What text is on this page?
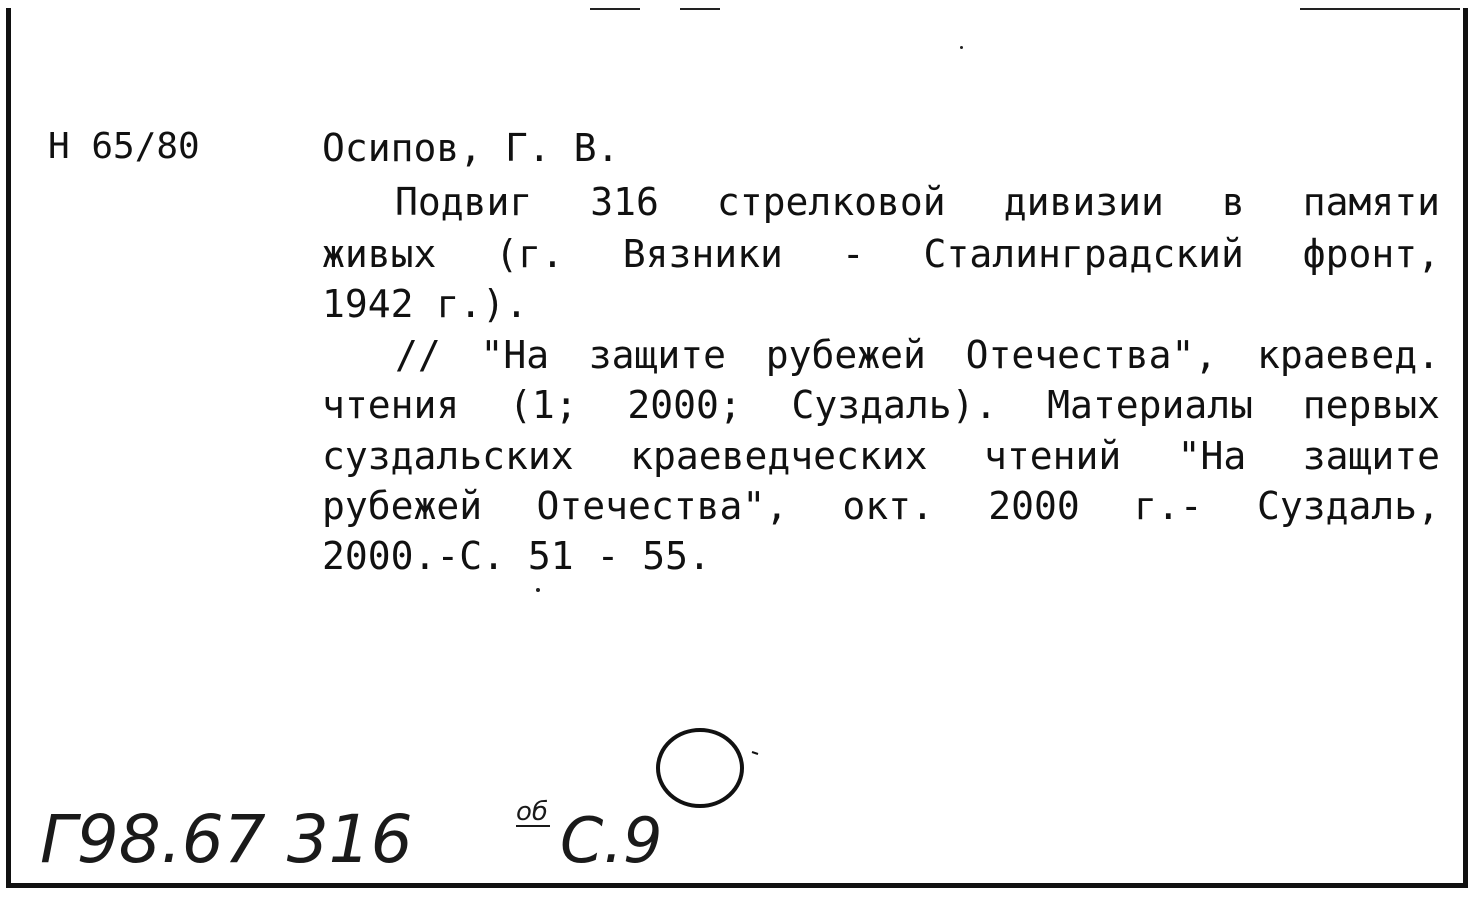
Н 65/80	Осипов, Г. В.
Подвиг 316 стрелковой дивизии в памяти
живых (г. Вязники - Сталинградский фронт,
1942 г.).
// "На защите рубежей Отечества", краевед.
чтения (1; 2000; Суздаль). Материалы первых
суздальских краеведческих чтений "На защите
рубежей Отечества", окт. 2000 г.- Суздаль,
2000.-С. 51 - 55.
Г98.67 316	об С.9
